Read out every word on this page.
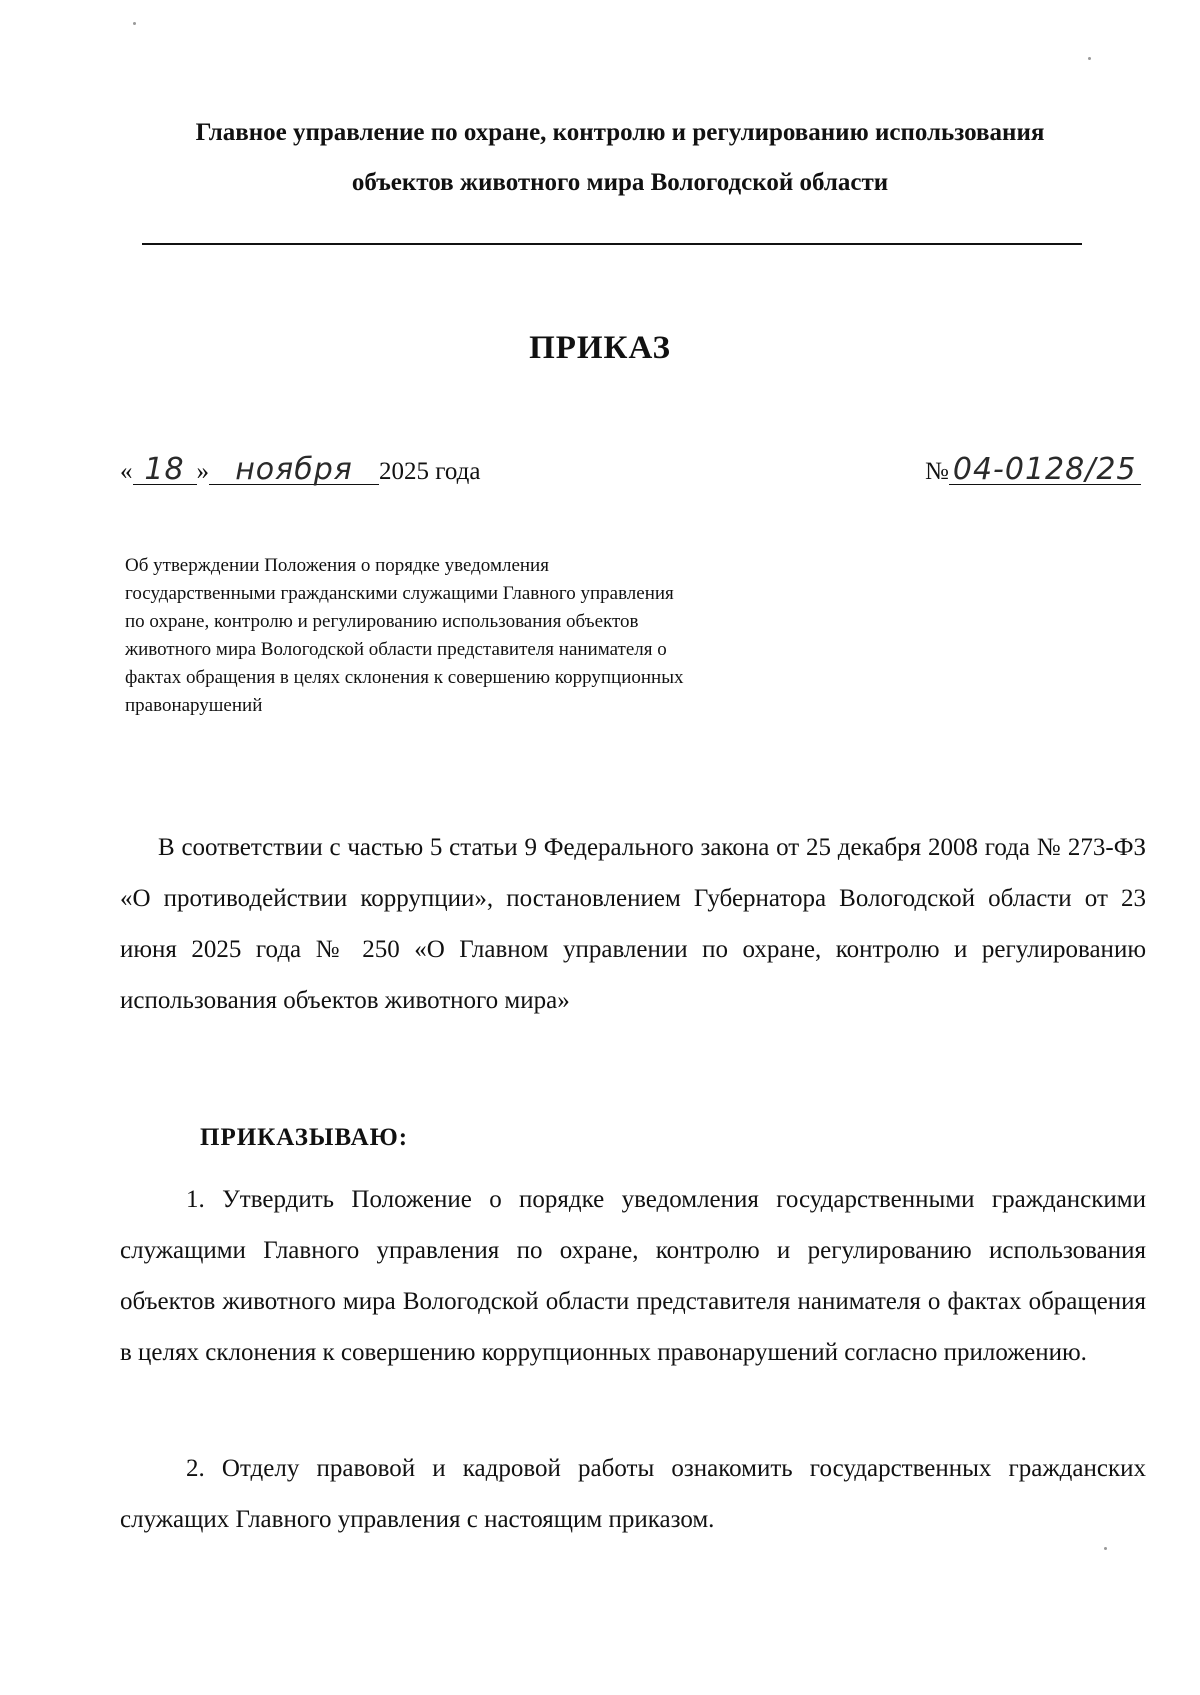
Главное управление по охране, контролю и регулированию использования объектов животного мира Вологодской области
ПРИКАЗ
« 18 » ноября 2025 года	№ 04-0128/25
Об утверждении Положения о порядке уведомления государственными гражданскими служащими Главного управления по охране, контролю и регулированию использования объектов животного мира Вологодской области представителя нанимателя о фактах обращения в целях склонения к совершению коррупционных правонарушений
В соответствии с частью 5 статьи 9 Федерального закона от 25 декабря 2008 года № 273-ФЗ «О противодействии коррупции», постановлением Губернатора Вологодской области от 23 июня 2025 года № 250 «О Главном управлении по охране, контролю и регулированию использования объектов животного мира»
ПРИКАЗЫВАЮ:
1. Утвердить Положение о порядке уведомления государственными гражданскими служащими Главного управления по охране, контролю и регулированию использования объектов животного мира Вологодской области представителя нанимателя о фактах обращения в целях склонения к совершению коррупционных правонарушений согласно приложению.
2. Отделу правовой и кадровой работы ознакомить государственных гражданских служащих Главного управления с настоящим приказом.
